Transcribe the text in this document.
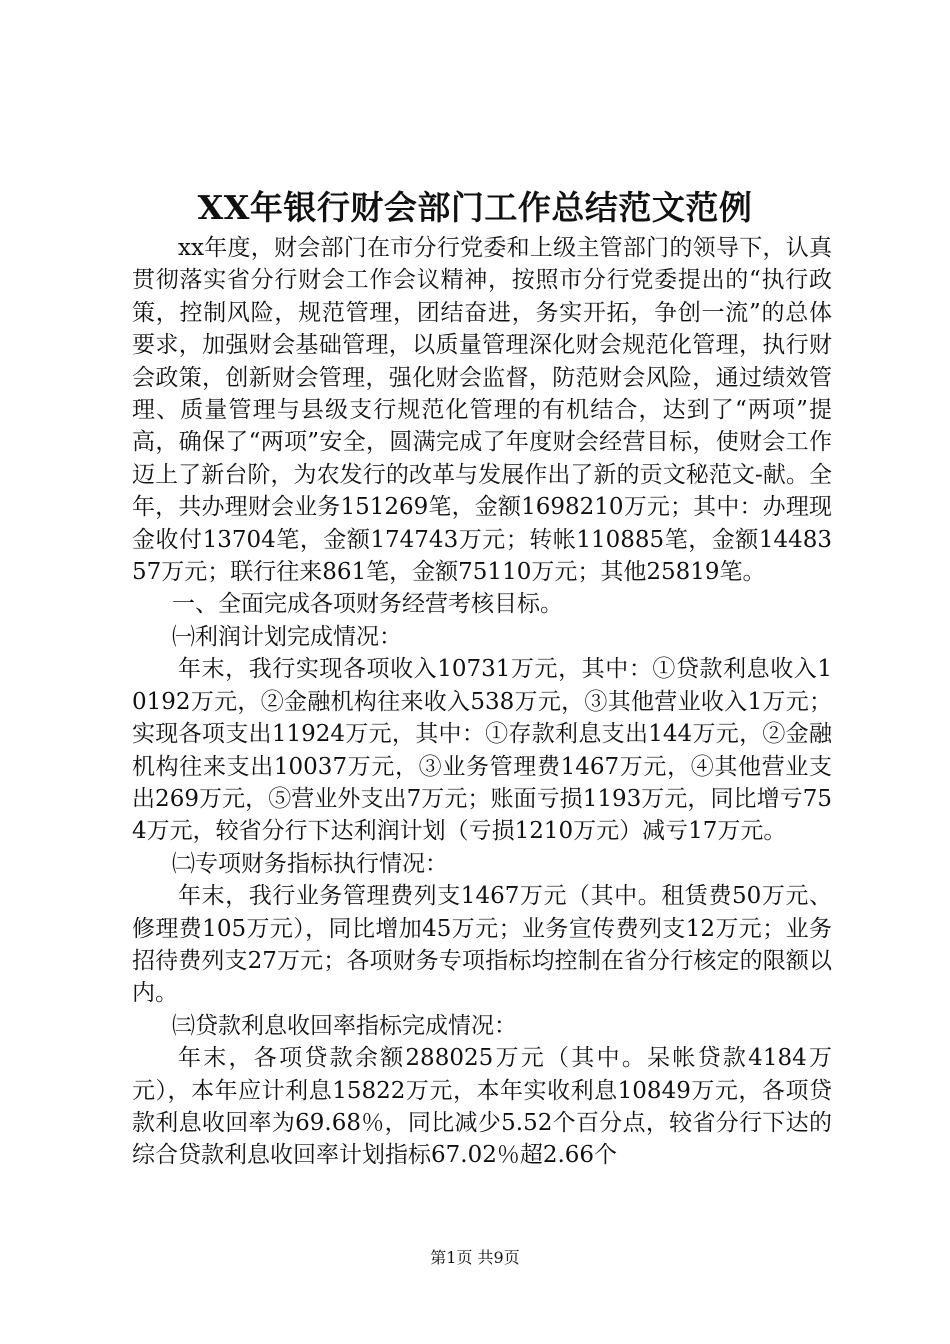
XX年银行财会部门工作总结范文范例

xx年度，财会部门在市分行党委和上级主管部门的领导下，认真贯彻落实省分行财会工作会议精神，按照市分行党委提出的“执行政策，控制风险，规范管理，团结奋进，务实开拓，争创一流”的总体要求，加强财会基础管理，以质量管理深化财会规范化管理，执行财会政策，创新财会管理，强化财会监督，防范财会风险，通过绩效管理、质量管理与县级支行规范化管理的有机结合，达到了“两项”提高，确保了“两项”安全，圆满完成了年度财会经营目标，使财会工作迈上了新台阶，为农发行的改革与发展作出了新的贡文秘范文-献。全年，共办理财会业务151269笔，金额1698210万元；其中：办理现金收付13704笔，金额174743万元；转帐110885笔，金额1448357万元；联行往来861笔，金额75110万元；其他25819笔。

一、全面完成各项财务经营考核目标。

㈠利润计划完成情况：

年末，我行实现各项收入10731万元，其中：①贷款利息收入10192万元，②金融机构往来收入538万元，③其他营业收入1万元；实现各项支出11924万元，其中：①存款利息支出144万元，②金融机构往来支出10037万元，③业务管理费1467万元，④其他营业支出269万元，⑤营业外支出7万元；账面亏损1193万元，同比增亏754万元，较省分行下达利润计划（亏损1210万元）减亏17万元。

㈡专项财务指标执行情况：

年末，我行业务管理费列支1467万元（其中。租赁费50万元、修理费105万元），同比增加45万元；业务宣传费列支12万元；业务招待费列支27万元；各项财务专项指标均控制在省分行核定的限额以内。

㈢贷款利息收回率指标完成情况：

年末，各项贷款余额288025万元（其中。呆帐贷款4184万元），本年应计利息15822万元，本年实收利息10849万元，各项贷款利息收回率为69.68％，同比减少5.52个百分点，较省分行下达的综合贷款利息收回率计划指标67.02％超2.66个

第1页 共9页
